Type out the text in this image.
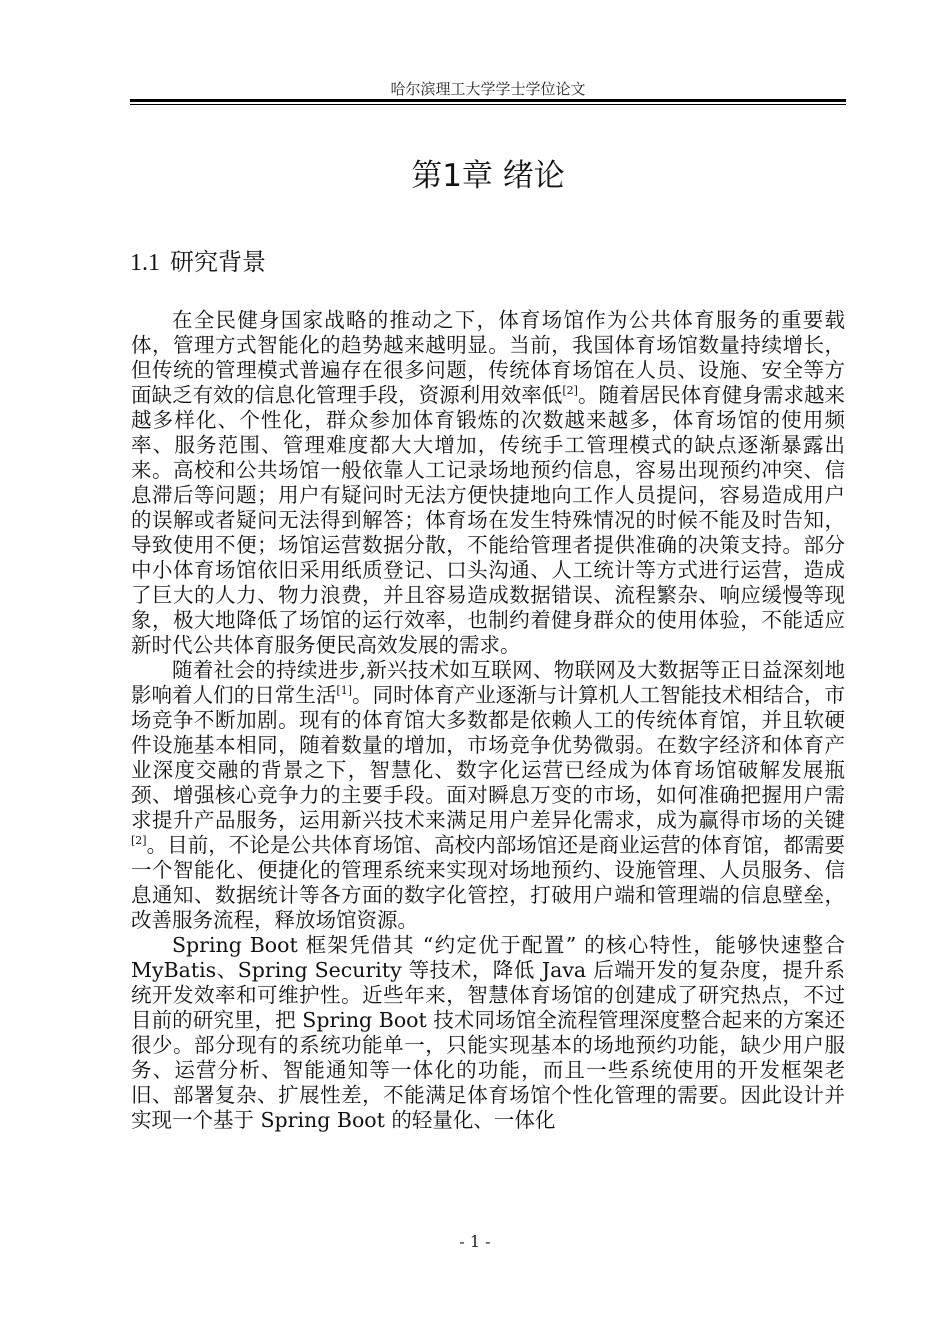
哈尔滨理工大学学士学位论文
第1章 绪论
1.1 研究背景

在全民健身国家战略的推动之下，体育场馆作为公共体育服务的重要载体，管理方式智能化的趋势越来越明显。当前，我国体育场馆数量持续增长，但传统的管理模式普遍存在很多问题，传统体育场馆在人员、设施、安全等方面缺乏有效的信息化管理手段，资源利用效率低[2]。随着居民体育健身需求越来越多样化、个性化，群众参加体育锻炼的次数越来越多，体育场馆的使用频率、服务范围、管理难度都大大增加，传统手工管理模式的缺点逐渐暴露出来。高校和公共场馆一般依靠人工记录场地预约信息，容易出现预约冲突、信息滞后等问题；用户有疑问时无法方便快捷地向工作人员提问，容易造成用户的误解或者疑问无法得到解答；体育场在发生特殊情况的时候不能及时告知，导致使用不便；场馆运营数据分散，不能给管理者提供准确的决策支持。部分中小体育场馆依旧采用纸质登记、口头沟通、人工统计等方式进行运营，造成了巨大的人力、物力浪费，并且容易造成数据错误、流程繁杂、响应缓慢等现象，极大地降低了场馆的运行效率，也制约着健身群众的使用体验，不能适应新时代公共体育服务便民高效发展的需求。

随着社会的持续进步,新兴技术如互联网、物联网及大数据等正日益深刻地影响着人们的日常生活[1]。同时体育产业逐渐与计算机人工智能技术相结合，市场竞争不断加剧。现有的体育馆大多数都是依赖人工的传统体育馆，并且软硬件设施基本相同，随着数量的增加，市场竞争优势微弱。在数字经济和体育产业深度交融的背景之下，智慧化、数字化运营已经成为体育场馆破解发展瓶颈、增强核心竞争力的主要手段。面对瞬息万变的市场，如何准确把握用户需求提升产品服务，运用新兴技术来满足用户差异化需求，成为赢得市场的关键[2]。目前，不论是公共体育场馆、高校内部场馆还是商业运营的体育馆，都需要一个智能化、便捷化的管理系统来实现对场地预约、设施管理、人员服务、信息通知、数据统计等各方面的数字化管控，打破用户端和管理端的信息壁垒，改善服务流程，释放场馆资源。

Spring Boot 框架凭借其 “约定优于配置” 的核心特性，能够快速整合 MyBatis、Spring Security 等技术，降低 Java 后端开发的复杂度，提升系统开发效率和可维护性。近些年来，智慧体育场馆的创建成了研究热点，不过目前的研究里，把 Spring Boot 技术同场馆全流程管理深度整合起来的方案还很少。部分现有的系统功能单一，只能实现基本的场地预约功能，缺少用户服务、运营分析、智能通知等一体化的功能，而且一些系统使用的开发框架老旧、部署复杂、扩展性差，不能满足体育场馆个性化管理的需要。因此设计并实现一个基于 Spring Boot 的轻量化、一体化

- 1 -
